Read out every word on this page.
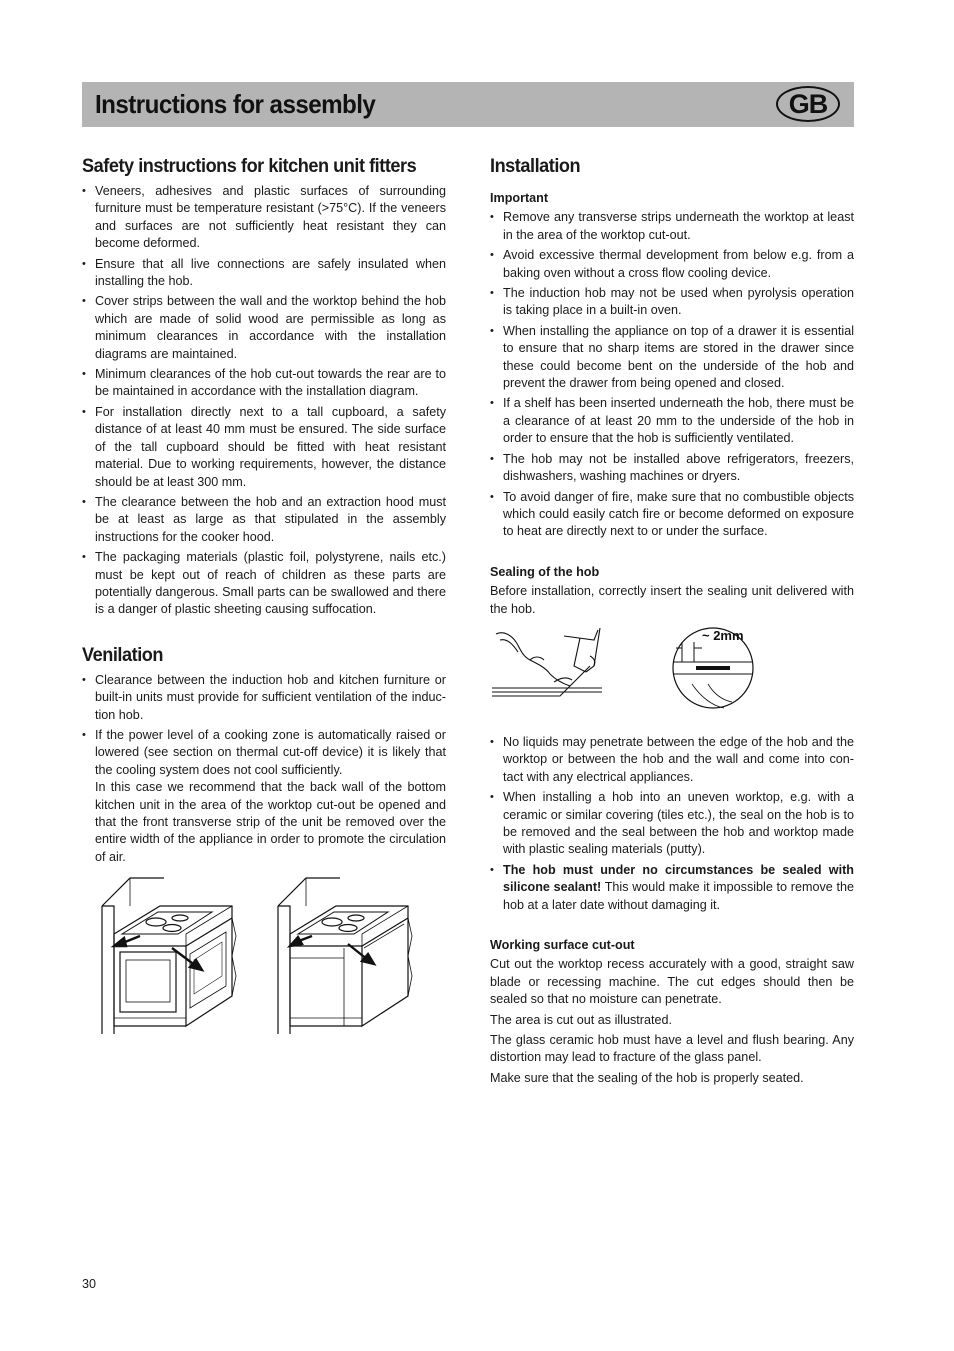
Instructions for assembly	GB
Safety instructions for kitchen unit fitters
• Veneers, adhesives and plastic surfaces of surrounding furniture must be temperature resistant (>75°C). If the veneers and surfaces are not sufficiently heat resistant they can become deformed.
• Ensure that all live connections are safely insulated when installing the hob.
• Cover strips between the wall and the worktop behind the hob which are made of solid wood are permissible as long as minimum clearances in accordance with the installation diagrams are maintained.
• Minimum clearances of the hob cut-out towards the rear are to be maintained in accordance with the installation diagram.
• For installation directly next to a tall cupboard, a safety distance of at least 40 mm must be ensured. The side surface of the tall cupboard should be fitted with heat resistant material. Due to working requirements, however, the distance should be at least 300 mm.
• The clearance between the hob and an extraction hood must be at least as large as that stipulated in the assembly instructions for the cooker hood.
• The packaging materials (plastic foil, polystyrene, nails etc.) must be kept out of reach of children as these parts are potentially dangerous. Small parts can be swallowed and there is a danger of plastic sheeting causing suffocation.
Venilation
• Clearance between the induction hob and kitchen furniture or built-in units must provide for sufficient ventilation of the induc-tion hob.
• If the power level of a cooking zone is automatically raised or lowered (see section on thermal cut-off device) it is likely that the cooling system does not cool sufficiently.
In this case we recommend that the back wall of the bottom kitchen unit in the area of the worktop cut-out be opened and that the front transverse strip of the unit be removed over the entire width of the appliance in order to promote the circulation of air.
Installation
Important
• Remove any transverse strips underneath the worktop at least in the area of the worktop cut-out.
• Avoid excessive thermal development from below e.g. from a baking oven without a cross flow cooling device.
• The induction hob may not be used when pyrolysis operation is taking place in a built-in oven.
• When installing the appliance on top of a drawer it is essential to ensure that no sharp items are stored in the drawer since these could become bent on the underside of the hob and prevent the drawer from being opened and closed.
• If a shelf has been inserted underneath the hob, there must be a clearance of at least 20 mm to the underside of the hob in order to ensure that the hob is sufficiently ventilated.
• The hob may not be installed above refrigerators, freezers, dishwashers, washing machines or dryers.
• To avoid danger of fire, make sure that no combustible objects which could easily catch fire or become deformed on exposure to heat are directly next to or under the surface.
Sealing of the hob

Before installation, correctly insert the sealing unit delivered with the hob.

~ 2mm
• No liquids may penetrate between the edge of the hob and the worktop or between the hob and the wall and come into con-tact with any electrical appliances.
• When installing a hob into an uneven worktop, e.g. with a ceramic or similar covering (tiles etc.), the seal on the hob is to be removed and the seal between the hob and worktop made with plastic sealing materials (putty).
• The hob must under no circumstances be sealed with silicone sealant! This would make it impossible to remove the hob at a later date without damaging it.
Working surface cut-out

Cut out the worktop recess accurately with a good, straight saw blade or recessing machine. The cut edges should then be sealed so that no moisture can penetrate.

The area is cut out as illustrated.

The glass ceramic hob must have a level and flush bearing. Any distortion may lead to fracture of the glass panel.

Make sure that the sealing of the hob is properly seated.

30
